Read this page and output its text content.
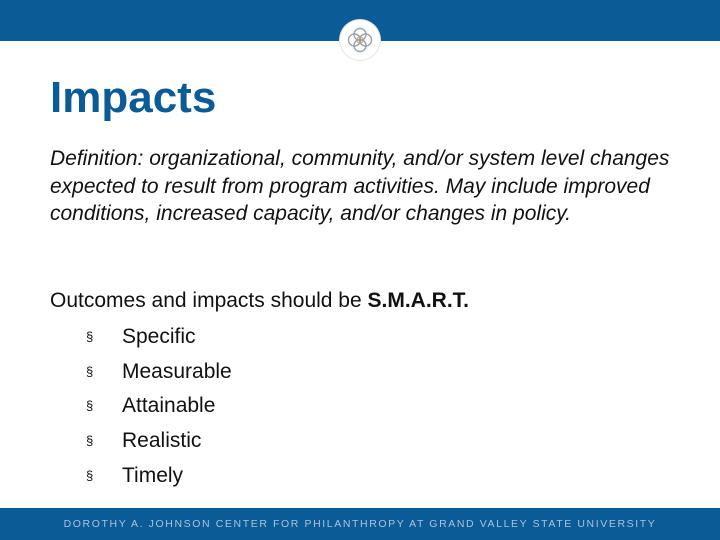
Impacts

Definition: organizational, community, and/or system level changes expected to result from program activities. May include improved conditions, increased capacity, and/or changes in policy.

Outcomes and impacts should be S.M.A.R.T.

§ Specific
§ Measurable
§ Attainable
§ Realistic
§ Timely
DOROTHY A. JOHNSON CENTER FOR PHILANTHROPY AT GRAND VALLEY STATE UNIVERSITY
